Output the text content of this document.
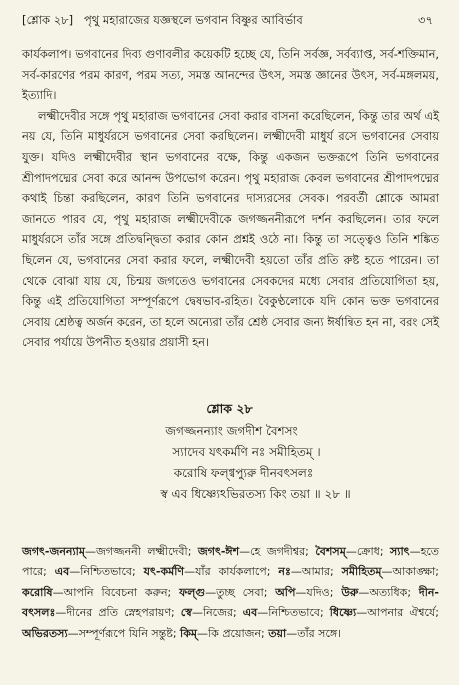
[শ্লোক ২৮] পৃথু মহারাজের যজ্ঞস্থলে ভগবান বিষ্ণুর আবির্ভাব	৩৭

কার্যকলাপ। ভগবানের দিব্য গুণাবলীর কয়েকটি হচ্ছে যে, তিনি সর্বজ্ঞ, সর্বব্যাপ্ত, সর্ব-শক্তিমান, সর্ব-কারণের পরম কারণ, পরম সত্য, সমস্ত আনন্দের উৎস, সমস্ত জ্ঞানের উৎস, সর্ব-মঙ্গলময়, ইত্যাদি।

লক্ষ্মীদেবীর সঙ্গে পৃথু মহারাজ ভগবানের সেবা করার বাসনা করেছিলেন, কিন্তু তার অর্থ এই নয় যে, তিনি মাধুর্যরসে ভগবানের সেবা করছিলেন। লক্ষ্মীদেবী মাধুর্য রসে ভগবানের সেবায় যুক্ত। যদিও লক্ষ্মীদেবীর স্থান ভগবানের বক্ষে, কিন্তু একজন ভক্তরূপে তিনি ভগবানের শ্রীপাদপদ্মের সেবা করে আনন্দ উপভোগ করেন। পৃথু মহারাজ কেবল ভগবানের শ্রীপাদপদ্মের কথাই চিন্তা করছিলেন, কারণ তিনি ভগবানের দাস্যরসের সেবক। পরবর্তী শ্লোকে আমরা জানতে পারব যে, পৃথু মহারাজ লক্ষ্মীদেবীকে জগজ্জননীরূপে দর্শন করছিলেন। তার ফলে মাধুর্যরসে তাঁর সঙ্গে প্রতিদ্বন্দ্বিতা করার কোন প্রশ্নই ওঠে না। কিন্তু তা সত্ত্বেও তিনি শঙ্কিত ছিলেন যে, ভগবানের সেবা করার ফলে, লক্ষ্মীদেবী হয়তো তাঁর প্রতি রুষ্ট হতে পারেন। তা থেকে বোঝা যায় যে, চিন্ময় জগতেও ভগবানের সেবকদের মধ্যে সেবার প্রতিযোগিতা হয়, কিন্তু এই প্রতিযোগিতা সম্পূর্ণরূপে দ্বেষভাব-রহিত। বৈকুণ্ঠলোকে যদি কোন ভক্ত ভগবানের সেবায় শ্রেষ্ঠত্ব অর্জন করেন, তা হলে অন্যেরা তাঁর শ্রেষ্ঠ সেবার জন্য ঈর্ষান্বিত হন না, বরং সেই সেবার পর্যায়ে উপনীত হওয়ার প্রয়াসী হন।

শ্লোক ২৮
জগজ্জনন্যাং জগদীশ বৈশসং
স্যাদেব যৎকর্মণি নঃ সমীহিতম্ ।
করোষি ফল্গ্বপ্যুরু দীনবৎসলঃ
স্ব এব ধিষ্ণ্যেঽভিরতস্য কিং তয়া ॥ ২৮ ॥

জগৎ-জনন্যাম্—জগজ্জননী লক্ষ্মীদেবী; জগৎ-ঈশ—হে জগদীশ্বর; বৈশসম্—ক্রোধ; স্যাৎ—হতে পারে; এব—নিশ্চিতভাবে; যৎ-কর্মণি—যাঁর কার্যকলাপে; নঃ—আমার; সমীহিতম্—আকাঙ্ক্ষা; করোষি—আপনি বিবেচনা করুন; ফল্গু—তুচ্ছ সেবা; অপি—যদিও; উরু—অত্যধিক; দীন-বৎসলঃ—দীনের প্রতি স্নেহপরায়ণ; স্বে—নিজের; এব—নিশ্চিতভাবে; ধিষ্ণ্যে—আপনার ঐশ্বর্যে; অভিরতস্য—সম্পূর্ণরূপে যিনি সন্তুষ্ট; কিম্—কি প্রয়োজন; তয়া—তাঁর সঙ্গে।
